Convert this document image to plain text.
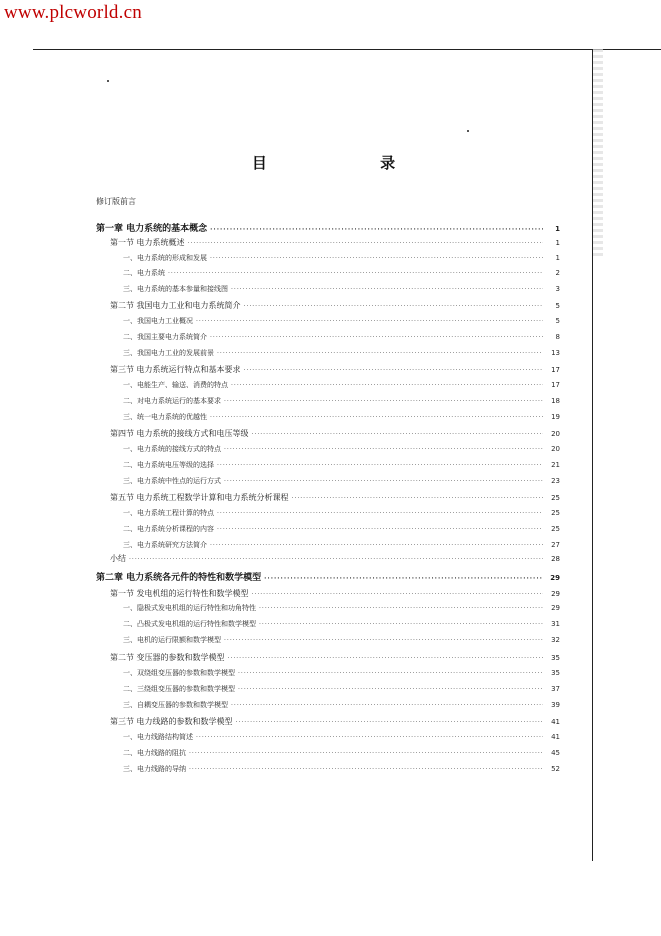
www.plcworld.cn
目 录
修订版前言
第一章 电力系统的基本概念 ·····	1
第一节 电力系统概述 ·····	1
一、电力系统的形成和发展 ·····	1
二、电力系统 ·····	2
三、电力系统的基本参量和接线图 ·····	3
第二节 我国电力工业和电力系统简介 ·····	5
一、我国电力工业概况 ·····	5
二、我国主要电力系统简介 ·····	8
三、我国电力工业的发展前景 ·····	13
第三节 电力系统运行特点和基本要求 ·····	17
一、电能生产、输送、消费的特点 ·····	17
二、对电力系统运行的基本要求 ·····	18
三、统一电力系统的优越性 ·····	19
第四节 电力系统的接线方式和电压等级 ·····	20
一、电力系统的接线方式的特点 ·····	20
二、电力系统电压等级的选择 ·····	21
三、电力系统中性点的运行方式 ·····	23
第五节 电力系统工程数学计算和电力系统分析课程 ·····	25
一、电力系统工程计算的特点 ·····	25
二、电力系统分析课程的内容 ·····	25
三、电力系统研究方法简介 ·····	27
小结 ·····	28
第二章 电力系统各元件的特性和数学模型 ·····	29
第一节 发电机组的运行特性和数学模型 ·····	29
一、隐极式发电机组的运行特性和功角特性 ·····	29
二、凸极式发电机组的运行特性和数学模型 ·····	31
三、电机的运行限额和数学模型 ·····	32
第二节 变压器的参数和数学模型 ·····	35
一、双绕组变压器的参数和数学模型 ·····	35
二、三绕组变压器的参数和数学模型 ·····	37
三、自耦变压器的参数和数学模型 ·····	39
第三节 电力线路的参数和数学模型 ·····	41
一、电力线路结构简述 ·····	41
二、电力线路的阻抗 ·····	45
三、电力线路的导纳 ·····	52
